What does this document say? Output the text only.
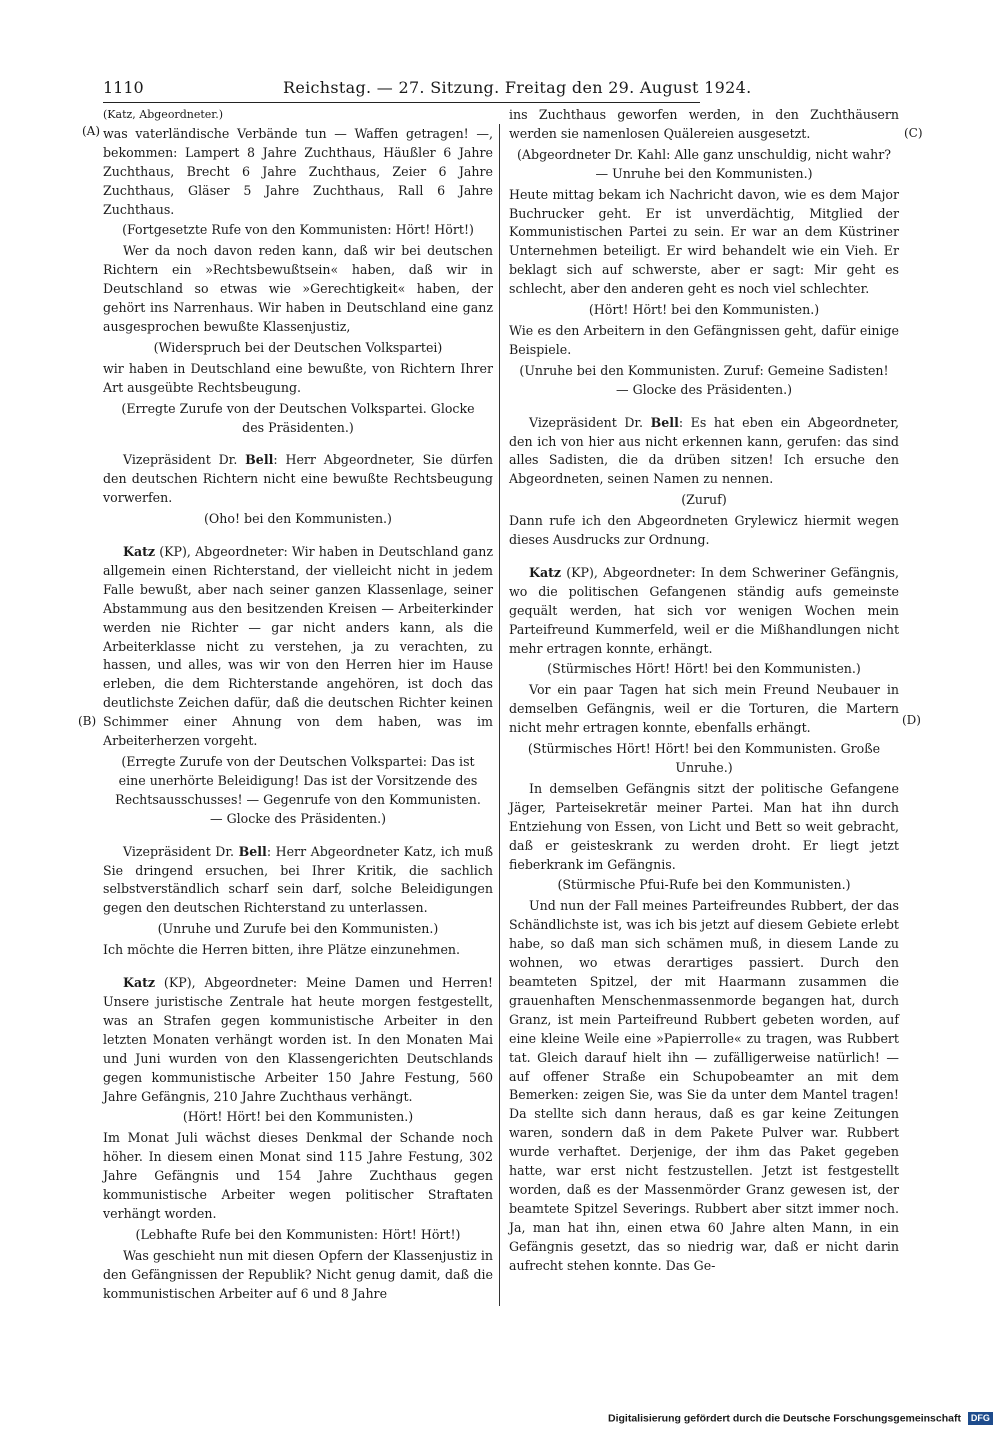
1110	Reichstag. — 27. Sitzung. Freitag den 29. August 1924.
(A)
(B)
(C)
(D)

(Katz, Abgeordneter.)

was vaterländische Verbände tun — Waffen getragen! —, bekommen: Lampert 8 Jahre Zuchthaus, Häußler 6 Jahre Zuchthaus, Brecht 6 Jahre Zuchthaus, Zeier 6 Jahre Zuchthaus, Gläser 5 Jahre Zuchthaus, Rall 6 Jahre Zuchthaus.

(Fortgesetzte Rufe von den Kommunisten: Hört! Hört!)

Wer da noch davon reden kann, daß wir bei deutschen Richtern ein »Rechtsbewußtsein« haben, daß wir in Deutschland so etwas wie »Gerechtigkeit« haben, der gehört ins Narrenhaus. Wir haben in Deutschland eine ganz ausgesprochen bewußte Klassenjustiz,

(Widerspruch bei der Deutschen Volkspartei)

wir haben in Deutschland eine bewußte, von Richtern Ihrer Art ausgeübte Rechtsbeugung.

(Erregte Zurufe von der Deutschen Volkspartei. Glocke des Präsidenten.)

Vizepräsident Dr. Bell: Herr Abgeordneter, Sie dürfen den deutschen Richtern nicht eine bewußte Rechtsbeugung vorwerfen.

(Oho! bei den Kommunisten.)

Katz (KP), Abgeordneter: Wir haben in Deutschland ganz allgemein einen Richterstand, der vielleicht nicht in jedem Falle bewußt, aber nach seiner ganzen Klassenlage, seiner Abstammung aus den besitzenden Kreisen — Arbeiterkinder werden nie Richter — gar nicht anders kann, als die Arbeiterklasse nicht zu verstehen, ja zu verachten, zu hassen, und alles, was wir von den Herren hier im Hause erleben, die dem Richterstande angehören, ist doch das deutlichste Zeichen dafür, daß die deutschen Richter keinen Schimmer einer Ahnung von dem haben, was im Arbeiterherzen vorgeht.

(Erregte Zurufe von der Deutschen Volkspartei: Das ist eine unerhörte Beleidigung! Das ist der Vorsitzende des Rechtsausschusses! — Gegenrufe von den Kommunisten. — Glocke des Präsidenten.)

Vizepräsident Dr. Bell: Herr Abgeordneter Katz, ich muß Sie dringend ersuchen, bei Ihrer Kritik, die sachlich selbstverständlich scharf sein darf, solche Beleidigungen gegen den deutschen Richterstand zu unterlassen.

(Unruhe und Zurufe bei den Kommunisten.)

Ich möchte die Herren bitten, ihre Plätze einzunehmen.

Katz (KP), Abgeordneter: Meine Damen und Herren! Unsere juristische Zentrale hat heute morgen festgestellt, was an Strafen gegen kommunistische Arbeiter in den letzten Monaten verhängt worden ist. In den Monaten Mai und Juni wurden von den Klassengerichten Deutschlands gegen kommunistische Arbeiter 150 Jahre Festung, 560 Jahre Gefängnis, 210 Jahre Zuchthaus verhängt.

(Hört! Hört! bei den Kommunisten.)

Im Monat Juli wächst dieses Denkmal der Schande noch höher. In diesem einen Monat sind 115 Jahre Festung, 302 Jahre Gefängnis und 154 Jahre Zuchthaus gegen kommunistische Arbeiter wegen politischer Straftaten verhängt worden.

(Lebhafte Rufe bei den Kommunisten: Hört! Hört!)

Was geschieht nun mit diesen Opfern der Klassenjustiz in den Gefängnissen der Republik? Nicht genug damit, daß die kommunistischen Arbeiter auf 6 und 8 Jahre

ins Zuchthaus geworfen werden, in den Zuchthäusern werden sie namenlosen Quälereien ausgesetzt.

(Abgeordneter Dr. Kahl: Alle ganz unschuldig, nicht wahr? — Unruhe bei den Kommunisten.)

Heute mittag bekam ich Nachricht davon, wie es dem Major Buchrucker geht. Er ist unverdächtig, Mitglied der Kommunistischen Partei zu sein. Er war an dem Küstriner Unternehmen beteiligt. Er wird behandelt wie ein Vieh. Er beklagt sich auf schwerste, aber er sagt: Mir geht es schlecht, aber den anderen geht es noch viel schlechter.

(Hört! Hört! bei den Kommunisten.)

Wie es den Arbeitern in den Gefängnissen geht, dafür einige Beispiele.

(Unruhe bei den Kommunisten. Zuruf: Gemeine Sadisten! — Glocke des Präsidenten.)

Vizepräsident Dr. Bell: Es hat eben ein Abgeordneter, den ich von hier aus nicht erkennen kann, gerufen: das sind alles Sadisten, die da drüben sitzen! Ich ersuche den Abgeordneten, seinen Namen zu nennen.

(Zuruf)

Dann rufe ich den Abgeordneten Grylewicz hiermit wegen dieses Ausdrucks zur Ordnung.

Katz (KP), Abgeordneter: In dem Schweriner Gefängnis, wo die politischen Gefangenen ständig aufs gemeinste gequält werden, hat sich vor wenigen Wochen mein Parteifreund Kummerfeld, weil er die Mißhandlungen nicht mehr ertragen konnte, erhängt.

(Stürmisches Hört! Hört! bei den Kommunisten.)

Vor ein paar Tagen hat sich mein Freund Neubauer in demselben Gefängnis, weil er die Torturen, die Martern nicht mehr ertragen konnte, ebenfalls erhängt.

(Stürmisches Hört! Hört! bei den Kommunisten. Große Unruhe.)

In demselben Gefängnis sitzt der politische Gefangene Jäger, Parteisekretär meiner Partei. Man hat ihn durch Entziehung von Essen, von Licht und Bett so weit gebracht, daß er geisteskrank zu werden droht. Er liegt jetzt fieberkrank im Gefängnis.

(Stürmische Pfui-Rufe bei den Kommunisten.)

Und nun der Fall meines Parteifreundes Rubbert, der das Schändlichste ist, was ich bis jetzt auf diesem Gebiete erlebt habe, so daß man sich schämen muß, in diesem Lande zu wohnen, wo etwas derartiges passiert. Durch den beamteten Spitzel, der mit Haarmann zusammen die grauenhaften Menschenmassenmorde begangen hat, durch Granz, ist mein Parteifreund Rubbert gebeten worden, auf eine kleine Weile eine »Papierrolle« zu tragen, was Rubbert tat. Gleich darauf hielt ihn — zufälligerweise natürlich! — auf offener Straße ein Schupobeamter an mit dem Bemerken: zeigen Sie, was Sie da unter dem Mantel tragen! Da stellte sich dann heraus, daß es gar keine Zeitungen waren, sondern daß in dem Pakete Pulver war. Rubbert wurde verhaftet. Derjenige, der ihm das Paket gegeben hatte, war erst nicht festzustellen. Jetzt ist festgestellt worden, daß es der Massenmörder Granz gewesen ist, der beamtete Spitzel Severings. Rubbert aber sitzt immer noch. Ja, man hat ihn, einen etwa 60 Jahre alten Mann, in ein Gefängnis gesetzt, das so niedrig war, daß er nicht darin aufrecht stehen konnte. Das Ge-

Digitalisierung gefördert durch die Deutsche Forschungsgemeinschaft DFG
